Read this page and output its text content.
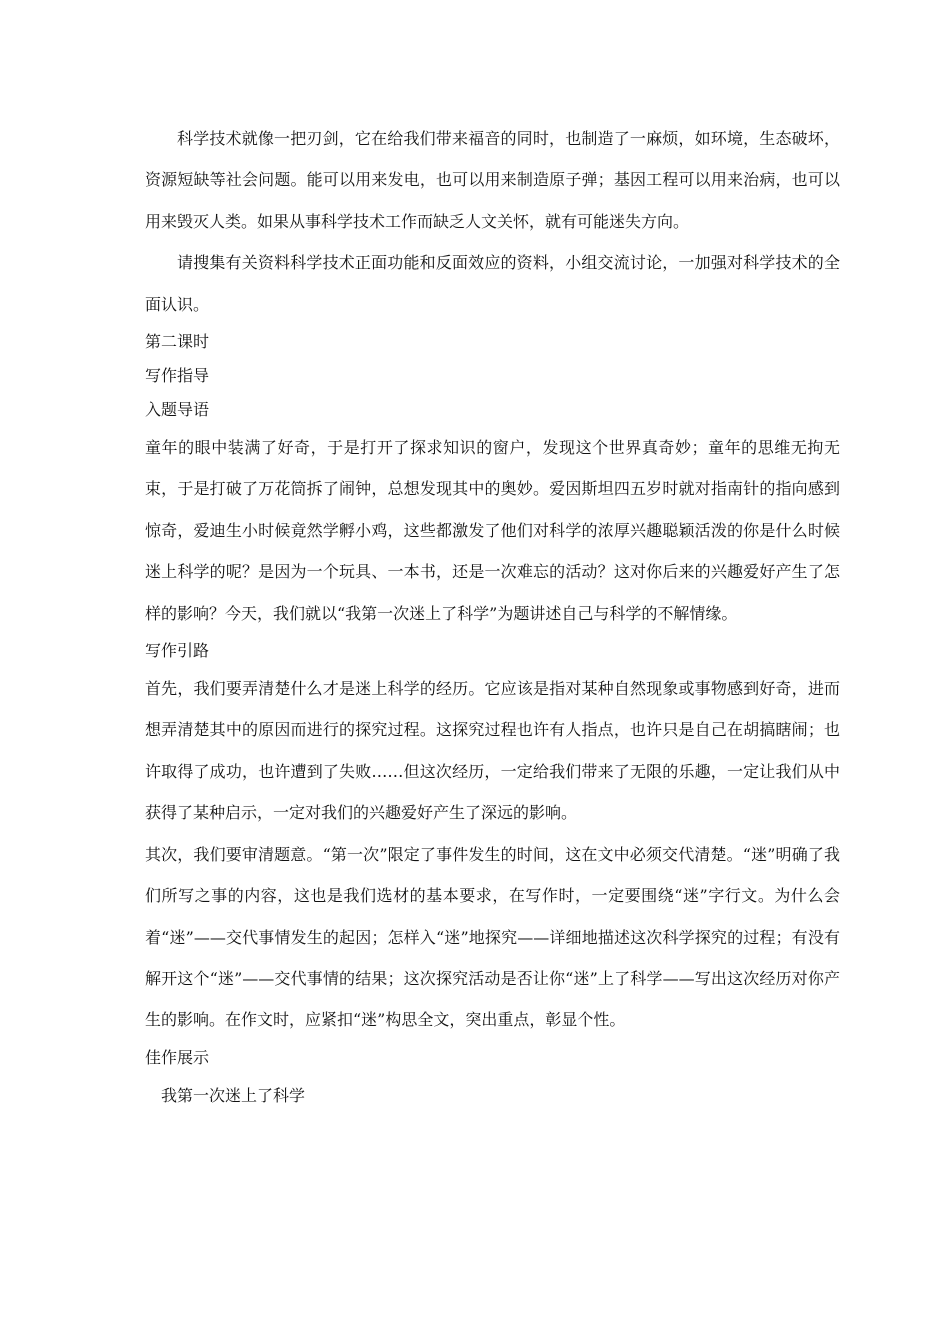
科学技术就像一把刃剑，它在给我们带来福音的同时，也制造了一麻烦，如环境，生态破坏，资源短缺等社会问题。能可以用来发电，也可以用来制造原子弹；基因工程可以用来治病，也可以用来毁灭人类。如果从事科学技术工作而缺乏人文关怀，就有可能迷失方向。

请搜集有关资料科学技术正面功能和反面效应的资料，小组交流讨论，一加强对科学技术的全面认识。

第二课时

写作指导

入题导语

童年的眼中装满了好奇，于是打开了探求知识的窗户，发现这个世界真奇妙；童年的思维无拘无束，于是打破了万花筒拆了闹钟，总想发现其中的奥妙。爱因斯坦四五岁时就对指南针的指向感到惊奇，爱迪生小时候竟然学孵小鸡，这些都激发了他们对科学的浓厚兴趣聪颖活泼的你是什么时候迷上科学的呢？是因为一个玩具、一本书，还是一次难忘的活动？这对你后来的兴趣爱好产生了怎样的影响？今天，我们就以“我第一次迷上了科学”为题讲述自己与科学的不解情缘。

写作引路

首先，我们要弄清楚什么才是迷上科学的经历。它应该是指对某种自然现象或事物感到好奇，进而想弄清楚其中的原因而进行的探究过程。这探究过程也许有人指点，也许只是自己在胡搞瞎闹；也许取得了成功，也许遭到了失败……但这次经历，一定给我们带来了无限的乐趣，一定让我们从中获得了某种启示，一定对我们的兴趣爱好产生了深远的影响。

其次，我们要审清题意。“第一次”限定了事件发生的时间，这在文中必须交代清楚。“迷”明确了我们所写之事的内容，这也是我们选材的基本要求，在写作时，一定要围绕“迷”字行文。为什么会着“迷”——交代事情发生的起因；怎样入“迷”地探究——详细地描述这次科学探究的过程；有没有解开这个“迷”——交代事情的结果；这次探究活动是否让你“迷”上了科学——写出这次经历对你产生的影响。在作文时，应紧扣“迷”构思全文，突出重点，彰显个性。

佳作展示

我第一次迷上了科学
